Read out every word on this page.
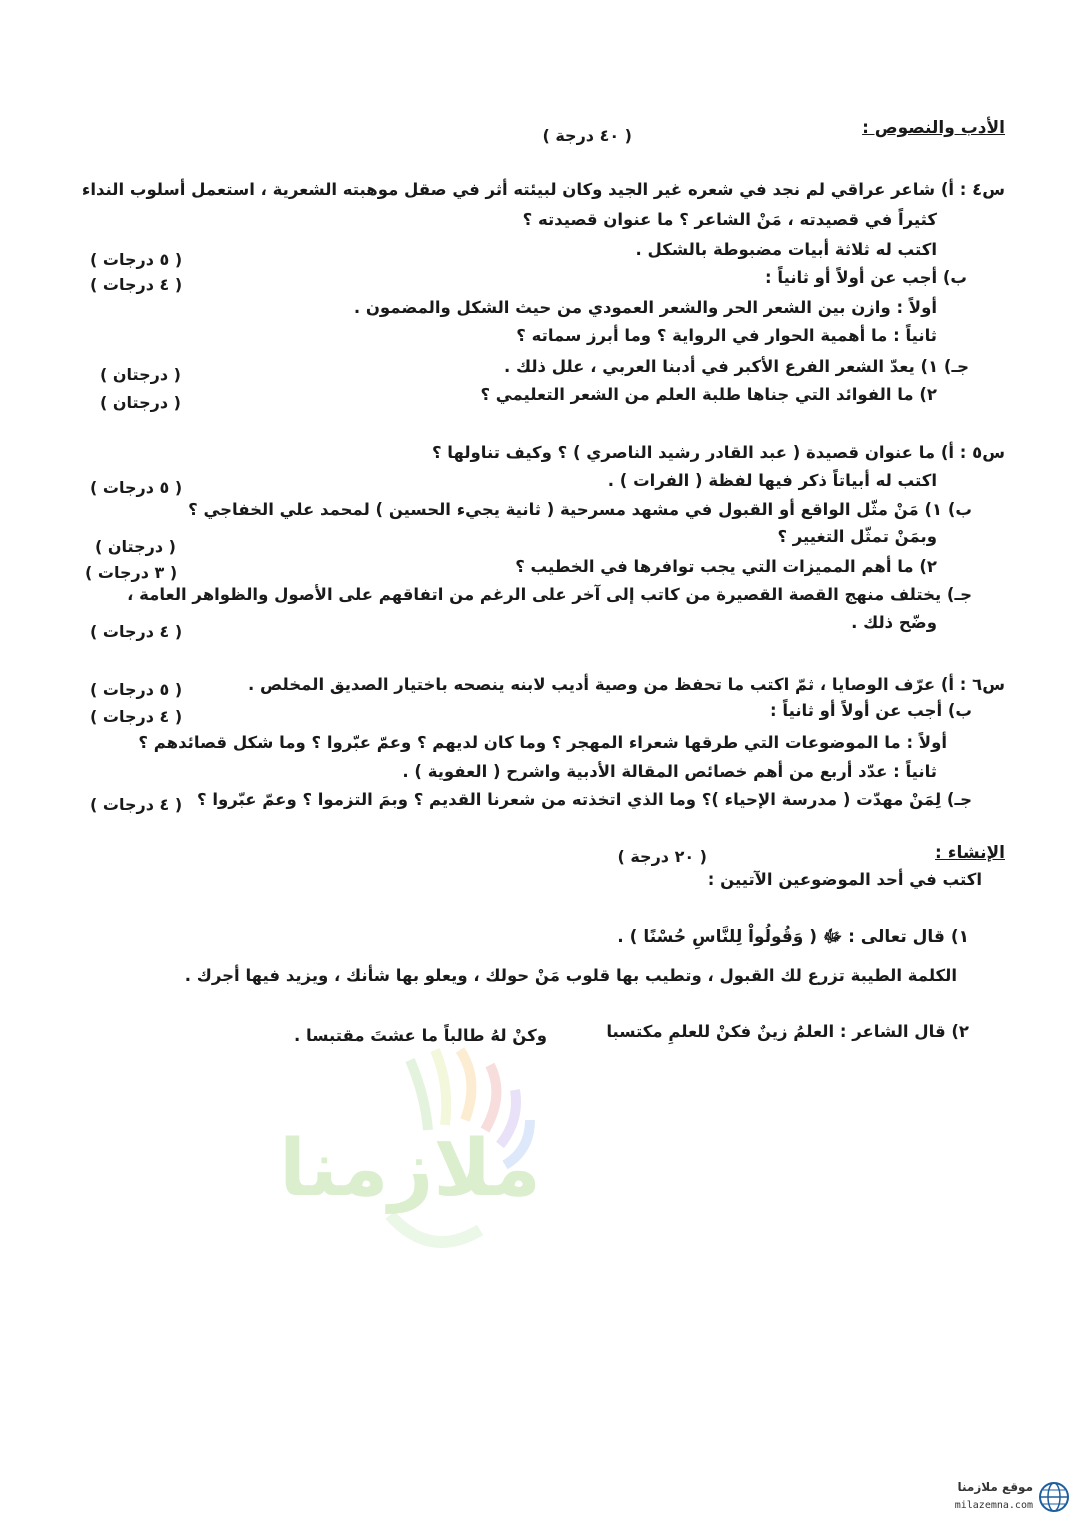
الأدب والنصوص :
( ٤٠ درجة )
س٤ : أ) شاعر عراقي لم نجد في شعره غير الجيد وكان لبيئته أثر في صقل موهبته الشعرية ، استعمل أسلوب النداء
كثيراً في قصيدته ، مَنْ الشاعر ؟ ما عنوان قصيدته ؟
اكتب له ثلاثة أبيات مضبوطة بالشكل .
( ٥ درجات )
ب) أجب عن أولاً أو ثانياً :
( ٤ درجات )
أولاً : وازن بين الشعر الحر والشعر العمودي من حيث الشكل والمضمون .
ثانياً : ما أهمية الحوار في الرواية ؟ وما أبرز سماته ؟
جـ) ١) يعدّ الشعر الفرع الأكبر في أدبنا العربي ، علل ذلك .
( درجتان )
٢) ما الفوائد التي جناها طلبة العلم من الشعر التعليمي ؟
( درجتان )
س٥ : أ) ما عنوان قصيدة ( عبد القادر رشيد الناصري ) ؟ وكيف تناولها ؟
اكتب له أبياتاً ذكر فيها لفظة ( الفرات ) .
( ٥ درجات )
ب) ١) مَنْ مثّل الواقع أو القبول في مشهد مسرحية ( ثانية يجيء الحسين ) لمحمد علي الخفاجي ؟
وبمَنْ تمثّل التغيير ؟
( درجتان )
٢) ما أهم المميزات التي يجب توافرها في الخطيب ؟
( ٣ درجات )
جـ) يختلف منهج القصة القصيرة من كاتب إلى آخر على الرغم من اتفاقهم على الأصول والظواهر العامة ،
وضّح ذلك .
( ٤ درجات )
س٦ : أ) عرّف الوصايا ، ثمّ اكتب ما تحفظ من وصية أديب لابنه ينصحه باختيار الصديق المخلص .
( ٥ درجات )
ب) أجب عن أولاً أو ثانياً :
( ٤ درجات )
أولاً : ما الموضوعات التي طرقها شعراء المهجر ؟ وما كان لديهم ؟ وعمّ عبّروا ؟ وما شكل قصائدهم ؟
ثانياً : عدّد أربع من أهم خصائص المقالة الأدبية واشرح ( العفوية ) .
جـ) لِمَنْ مهدّت ( مدرسة الإحياء )؟ وما الذي اتخذته من شعرنا القديم ؟ وبمَ التزموا ؟ وعمّ عبّروا ؟
( ٤ درجات )
الإنشاء :
( ٢٠ درجة )
اكتب في أحد الموضوعين الآتيين :
١) قال تعالى : ﷻ ( وَقُولُواْ لِلنَّاسِ حُسْنًا ) .
الكلمة الطيبة تزرع لك القبول ، وتطيب بها قلوب مَنْ حولك ، ويعلو بها شأنك ، ويزيد فيها أجرك .
٢) قال الشاعر : العلمُ زينٌ فكنْ للعلمِ مكتسبا
وكنْ لهُ طالباً ما عشتَ مقتبسا .
ملازمنا
موقع ملازمنا
milazemna.com
